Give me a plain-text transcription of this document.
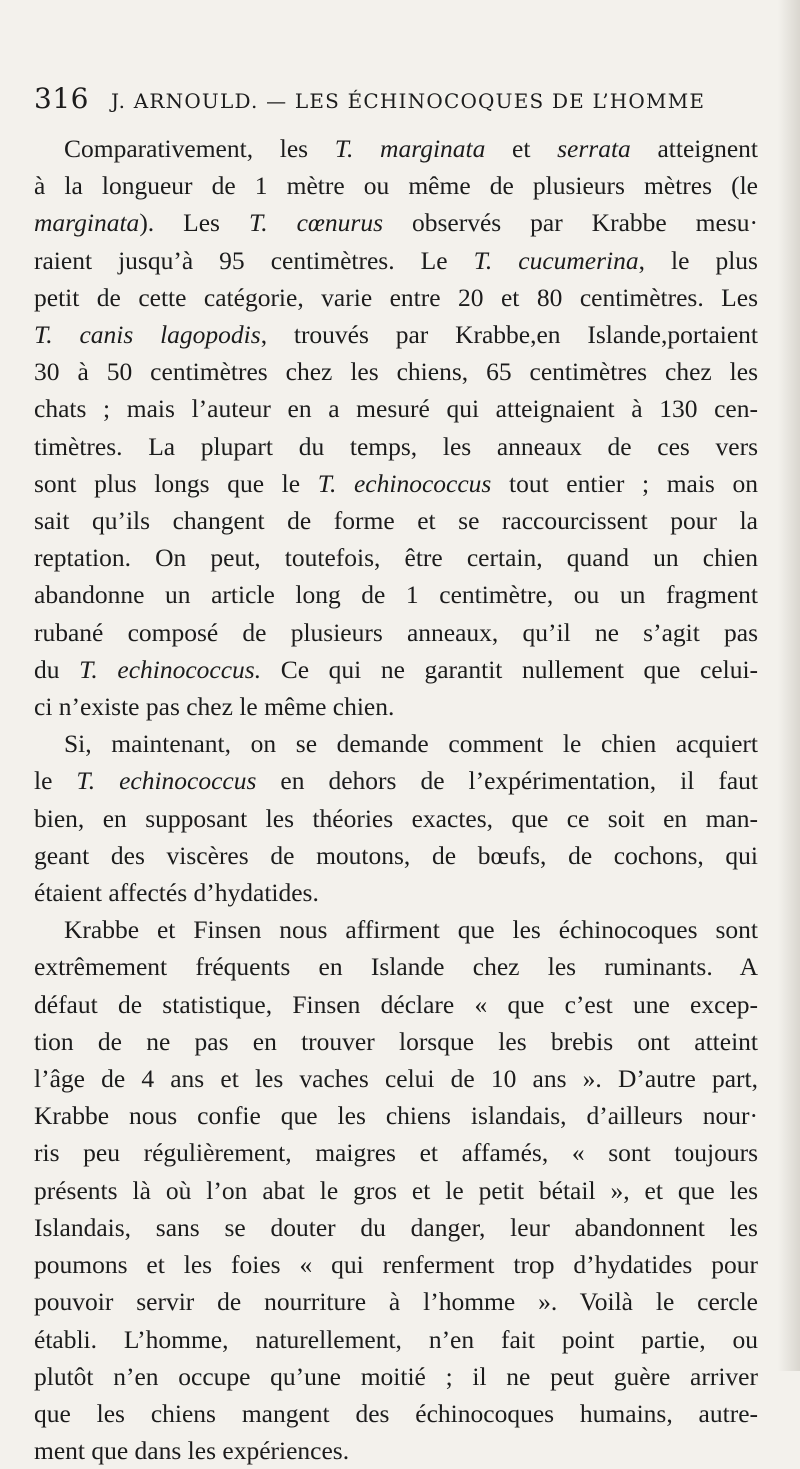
316 J. ARNOULD. — LES ÉCHINOCOQUES DE L’HOMME
Comparativement, les T. marginata et serrata atteignent
à la longueur de 1 mètre ou même de plusieurs mètres (le
marginata). Les T. cœnurus observés par Krabbe mesu·
raient jusqu’à 95 centimètres. Le T. cucumerina, le plus
petit de cette catégorie, varie entre 20 et 80 centimètres. Les
T. canis lagopodis, trouvés par Krabbe,en Islande,portaient
30 à 50 centimètres chez les chiens, 65 centimètres chez les
chats ; mais l’auteur en a mesuré qui atteignaient à 130 cen-
timètres. La plupart du temps, les anneaux de ces vers
sont plus longs que le T. echinococcus tout entier ; mais on
sait qu’ils changent de forme et se raccourcissent pour la
reptation. On peut, toutefois, être certain, quand un chien
abandonne un article long de 1 centimètre, ou un fragment
rubané composé de plusieurs anneaux, qu’il ne s’agit pas
du T. echinococcus. Ce qui ne garantit nullement que celui-
ci n’existe pas chez le même chien.
Si, maintenant, on se demande comment le chien acquiert
le T. echinococcus en dehors de l’expérimentation, il faut
bien, en supposant les théories exactes, que ce soit en man-
geant des viscères de moutons, de bœufs, de cochons, qui
étaient affectés d’hydatides.
Krabbe et Finsen nous affirment que les échinocoques sont
extrêmement fréquents en Islande chez les ruminants. A
défaut de statistique, Finsen déclare « que c’est une excep-
tion de ne pas en trouver lorsque les brebis ont atteint
l’âge de 4 ans et les vaches celui de 10 ans ». D’autre part,
Krabbe nous confie que les chiens islandais, d’ailleurs nour·
ris peu régulièrement, maigres et affamés, « sont toujours
présents là où l’on abat le gros et le petit bétail », et que les
Islandais, sans se douter du danger, leur abandonnent les
poumons et les foies « qui renferment trop d’hydatides pour
pouvoir servir de nourriture à l’homme ». Voilà le cercle
établi. L’homme, naturellement, n’en fait point partie, ou
plutôt n’en occupe qu’une moitié ; il ne peut guère arriver
que les chiens mangent des échinocoques humains, autre-
ment que dans les expériences.
